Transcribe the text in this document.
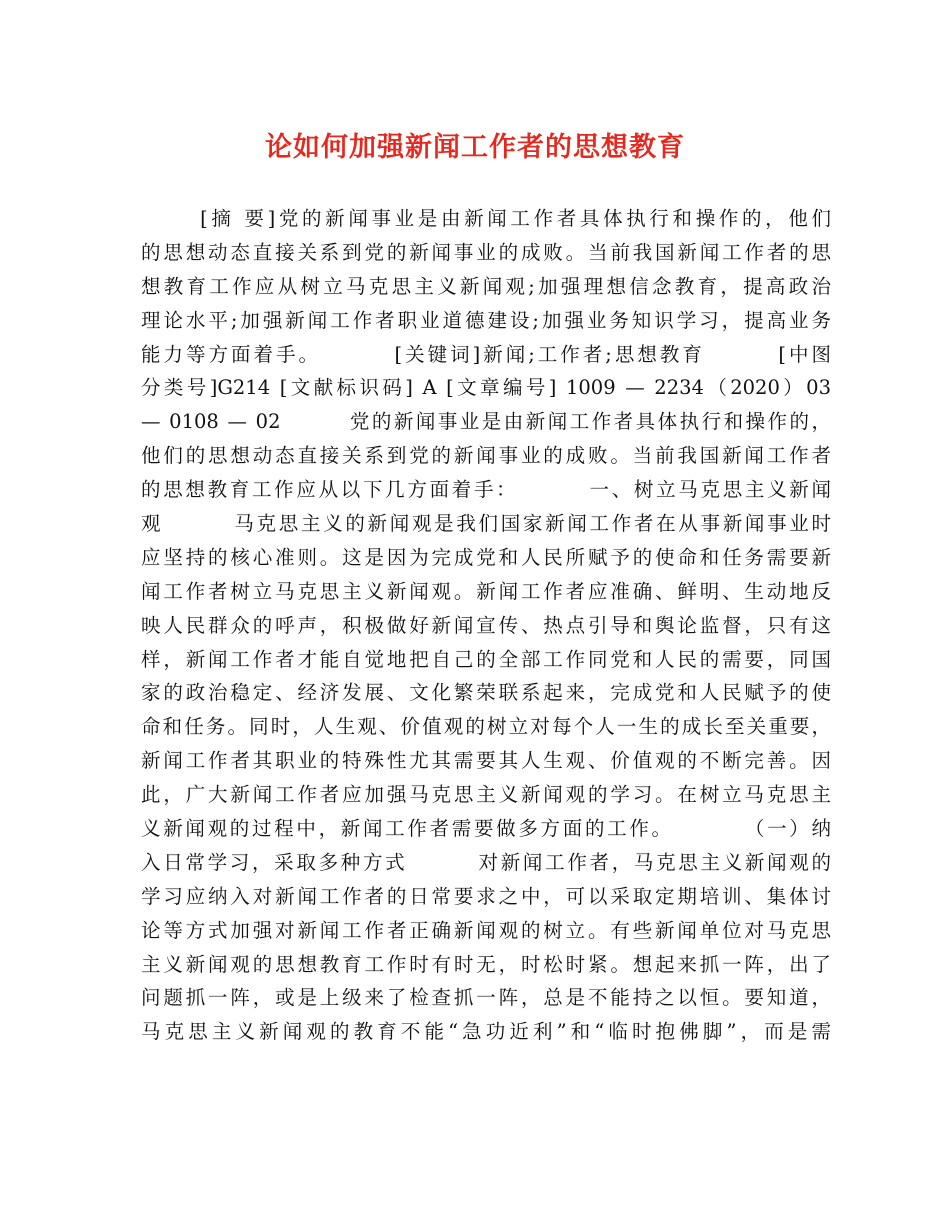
论如何加强新闻工作者的思想教育
[摘 要]党的新闻事业是由新闻工作者具体执行和操作的，他们
的思想动态直接关系到党的新闻事业的成败。当前我国新闻工作者的思
想教育工作应从树立马克思主义新闻观;加强理想信念教育，提高政治
理论水平;加强新闻工作者职业道德建设;加强业务知识学习，提高业务
能力等方面着手。        [关键词]新闻;工作者;思想教育        [中图
分类号]G214 [文献标识码] A [文章编号] 1009 — 2234（2020）03
— 0108 — 02        党的新闻事业是由新闻工作者具体执行和操作的，
他们的思想动态直接关系到党的新闻事业的成败。当前我国新闻工作者
的思想教育工作应从以下几方面着手：        一、树立马克思主义新闻
观        马克思主义的新闻观是我们国家新闻工作者在从事新闻事业时
应坚持的核心准则。这是因为完成党和人民所赋予的使命和任务需要新
闻工作者树立马克思主义新闻观。新闻工作者应准确、鲜明、生动地反
映人民群众的呼声，积极做好新闻宣传、热点引导和舆论监督，只有这
样，新闻工作者才能自觉地把自己的全部工作同党和人民的需要，同国
家的政治稳定、经济发展、文化繁荣联系起来，完成党和人民赋予的使
命和任务。同时，人生观、价值观的树立对每个人一生的成长至关重要，
新闻工作者其职业的特殊性尤其需要其人生观、价值观的不断完善。因
此，广大新闻工作者应加强马克思主义新闻观的学习。在树立马克思主
义新闻观的过程中，新闻工作者需要做多方面的工作。        （一）纳
入日常学习，采取多种方式        对新闻工作者，马克思主义新闻观的
学习应纳入对新闻工作者的日常要求之中，可以采取定期培训、集体讨
论等方式加强对新闻工作者正确新闻观的树立。有些新闻单位对马克思
主义新闻观的思想教育工作时有时无，时松时紧。想起来抓一阵，出了
问题抓一阵，或是上级来了检查抓一阵，总是不能持之以恒。要知道，
马克思主义新闻观的教育不能“急功近利”和“临时抱佛脚”，而是需
